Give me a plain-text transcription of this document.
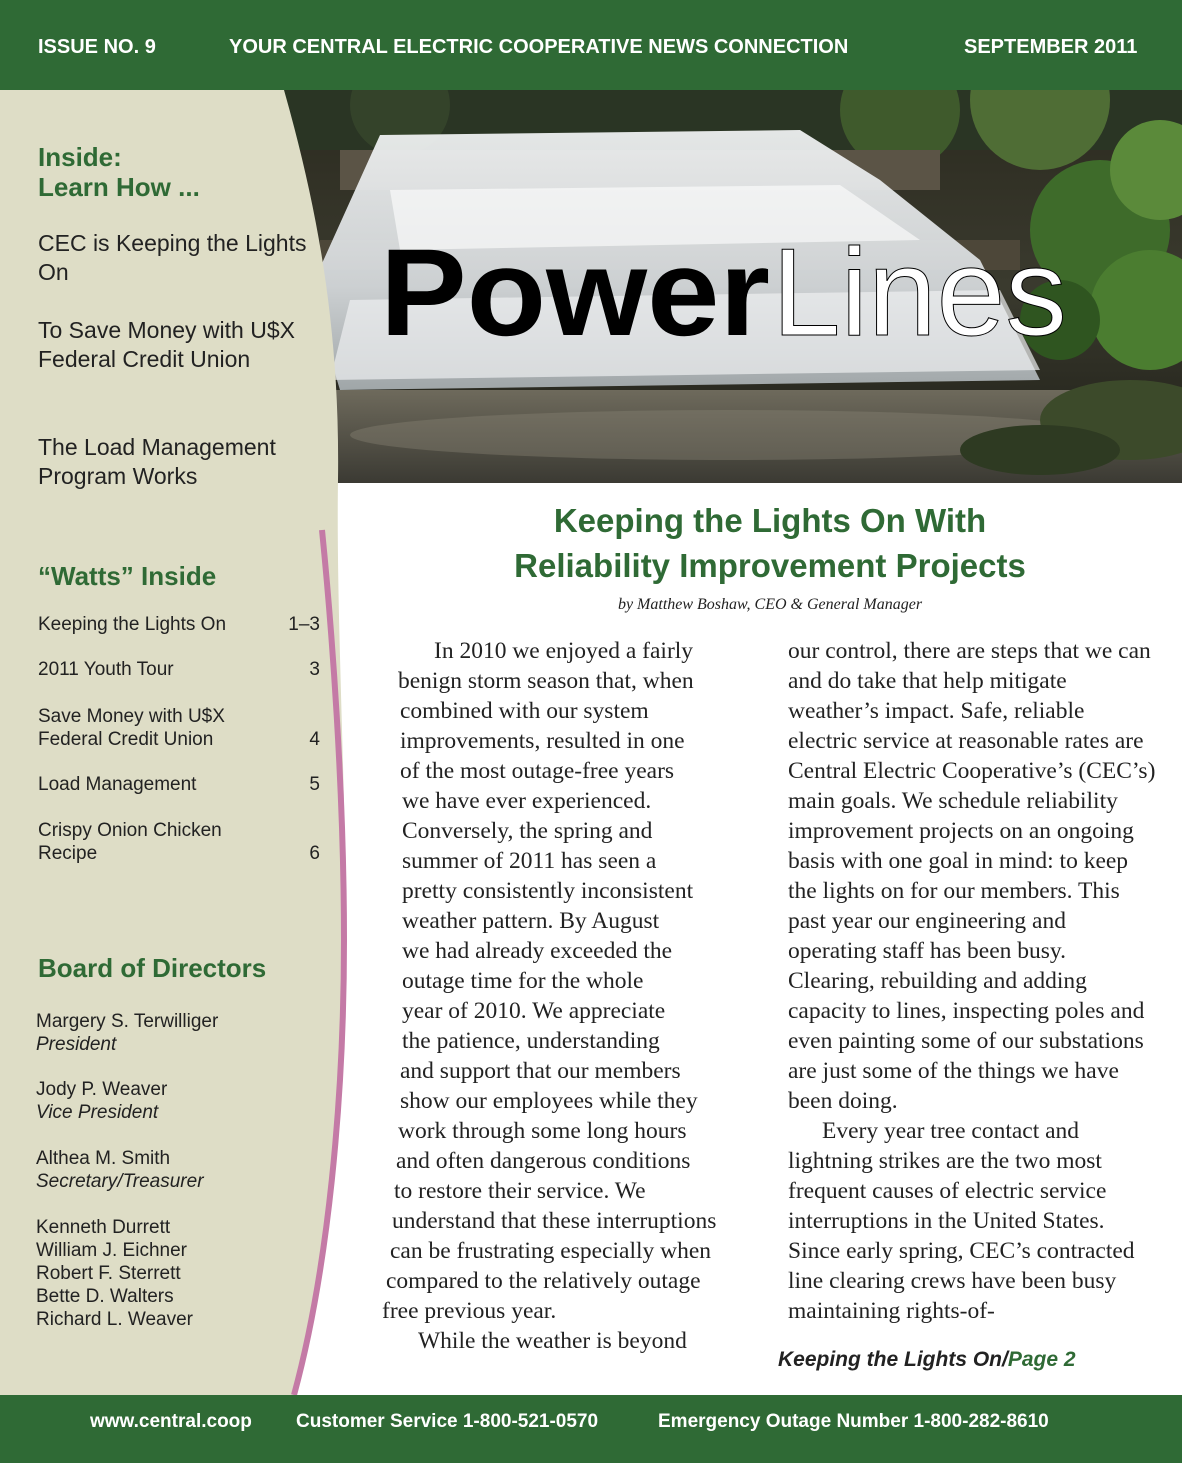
ISSUE NO. 9	YOUR CENTRAL ELECTRIC COOPERATIVE NEWS CONNECTION	SEPTEMBER 2011
Power Lines
Inside:
Learn How ...
CEC is Keeping the Lights On
To Save Money with U$X Federal Credit Union
The Load Management Program Works
“Watts” Inside
Keeping the Lights On	1–3
2011 Youth Tour	3
Save Money with U$X Federal Credit Union	4
Load Management	5
Crispy Onion Chicken Recipe	6
Board of Directors
Margery S. Terwilliger
President
Jody P. Weaver
Vice President
Althea M. Smith
Secretary/Treasurer
Kenneth Durrett
William J. Eichner
Robert F. Sterrett
Bette D. Walters
Richard L. Weaver
Keeping the Lights On With
Reliability Improvement Projects
by Matthew Boshaw, CEO & General Manager
In 2010 we enjoyed a fairly
benign storm season that, when
combined with our system
improvements, resulted in one
of the most outage-free years
we have ever experienced.
Conversely, the spring and
summer of 2011 has seen a
pretty consistently inconsistent
weather pattern. By August
we had already exceeded the
outage time for the whole
year of 2010. We appreciate
the patience, understanding
and support that our members
show our employees while they
work through some long hours
and often dangerous conditions
to restore their service. We
understand that these interruptions
can be frustrating especially when
compared to the relatively outage
free previous year.
While the weather is beyond

our control, there are steps that we can and do take that help mitigate weather’s impact. Safe, reliable electric service at reasonable rates are Central Electric Cooperative’s (CEC’s) main goals. We schedule reliability improvement projects on an ongoing basis with one goal in mind: to keep the lights on for our members. This past year our engineering and operating staff has been busy. Clearing, rebuilding and adding capacity to lines, inspecting poles and even painting some of our substations are just some of the things we have been doing.

Every year tree contact and lightning strikes are the two most frequent causes of electric service interruptions in the United States. Since early spring, CEC’s contracted line clearing crews have been busy maintaining rights-of-

Keeping the Lights On/Page 2
www.central.coop Customer Service 1-800-521-0570	Emergency Outage Number 1-800-282-8610
